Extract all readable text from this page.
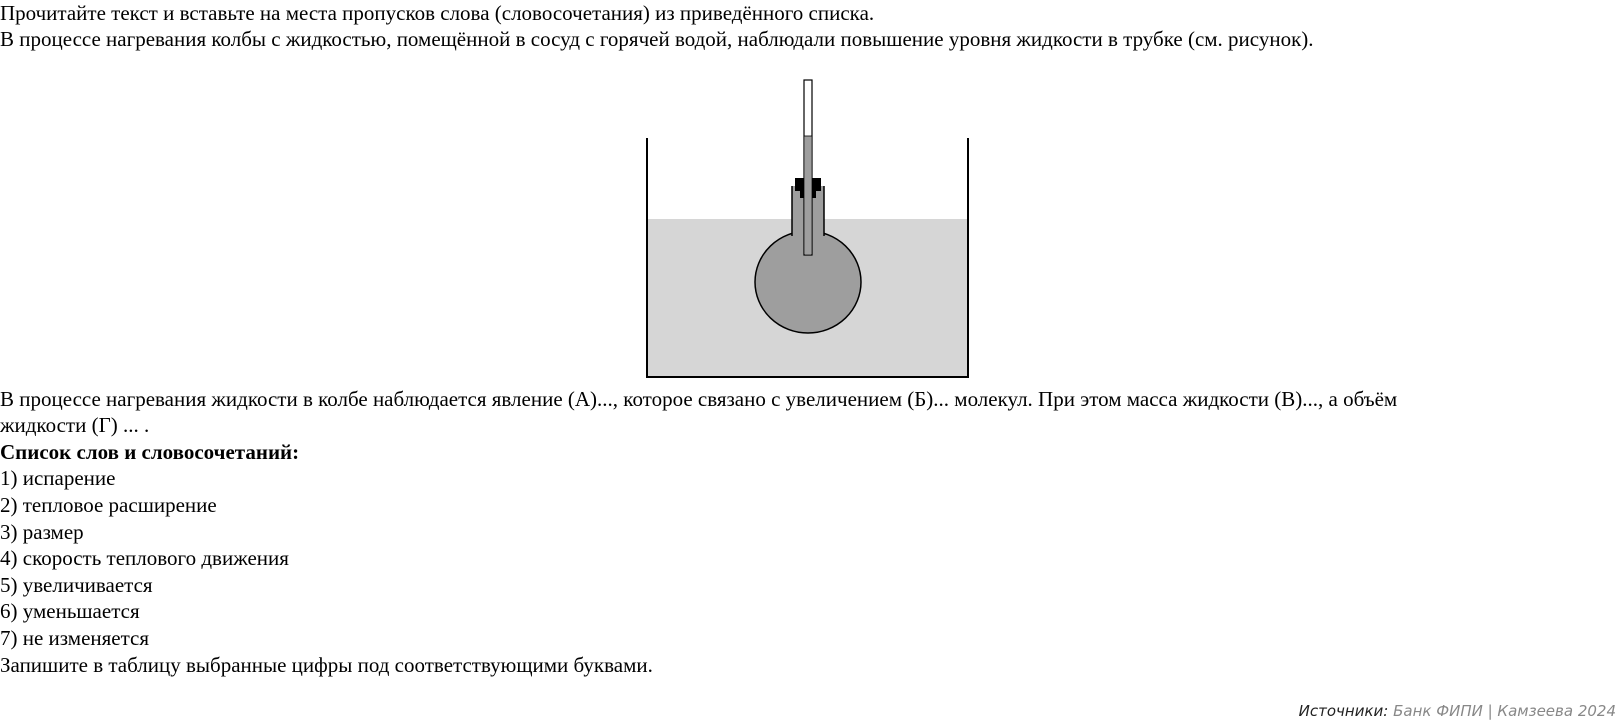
Прочитайте текст и вставьте на места пропусков слова (словосочетания) из приведённого списка.
В процессе нагревания колбы с жидкостью, помещённой в сосуд с горячей водой, наблюдали повышение уровня жидкости в трубке (см. рисунок).
В процессе нагревания жидкости в колбе наблюдается явление (А)..., которое связано с увеличением (Б)... молекул. При этом масса жидкости (В)..., а объём
жидкости (Г) ... .
Список слов и словосочетаний:
1) испарение
2) тепловое расширение
3) размер
4) скорость теплового движения
5) увеличивается
6) уменьшается
7) не изменяется
Запишите в таблицу выбранные цифры под соответствующими буквами.
Источники: Банк ФИПИ | Камзеева 2024
